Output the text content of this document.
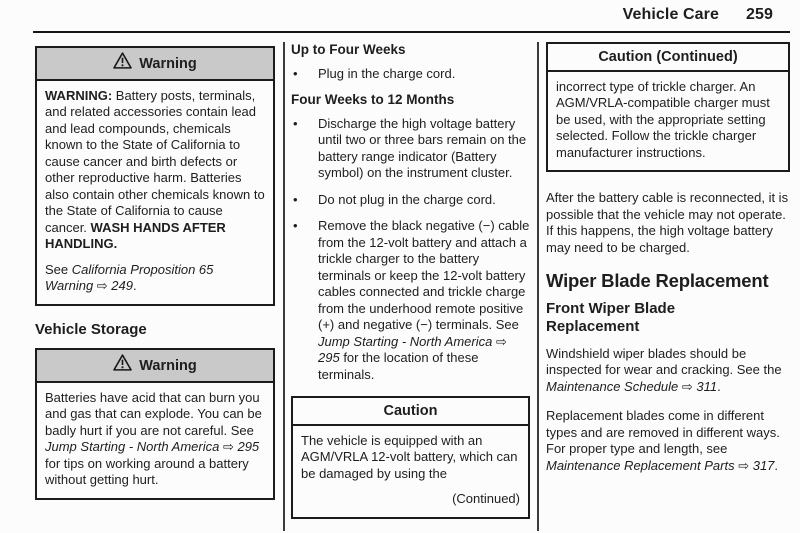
Vehicle Care 259
Warning

WARNING: Battery posts, terminals, and related accessories contain lead and lead compounds, chemicals known to the State of California to cause cancer and birth defects or other reproductive harm. Batteries also contain other chemicals known to the State of California to cause cancer. WASH HANDS AFTER HANDLING.

See California Proposition 65 Warning ⇨ 249.

Vehicle Storage
Warning

Batteries have acid that can burn you and gas that can explode. You can be badly hurt if you are not careful. See Jump Starting - North America ⇨ 295 for tips on working around a battery without getting hurt.

Up to Four Weeks
•	Plug in the charge cord.
Four Weeks to 12 Months
•	Discharge the high voltage battery until two or three bars remain on the battery range indicator (Battery symbol) on the instrument cluster.
•	Do not plug in the charge cord.
•	Remove the black negative (−) cable from the 12-volt battery and attach a trickle charger to the battery terminals or keep the 12-volt battery cables connected and trickle charge from the underhood remote positive (+) and negative (−) terminals. See Jump Starting - North America ⇨ 295 for the location of these terminals.
Caution

The vehicle is equipped with an AGM/VRLA 12-volt battery, which can be damaged by using the

(Continued)

Caution (Continued)

incorrect type of trickle charger. An AGM/VRLA-compatible charger must be used, with the appropriate setting selected. Follow the trickle charger manufacturer instructions.

After the battery cable is reconnected, it is possible that the vehicle may not operate. If this happens, the high voltage battery may need to be charged.

Wiper Blade Replacement
Front Wiper Blade Replacement

Windshield wiper blades should be inspected for wear and cracking. See the Maintenance Schedule ⇨ 311.

Replacement blades come in different types and are removed in different ways. For proper type and length, see Maintenance Replacement Parts ⇨ 317.
